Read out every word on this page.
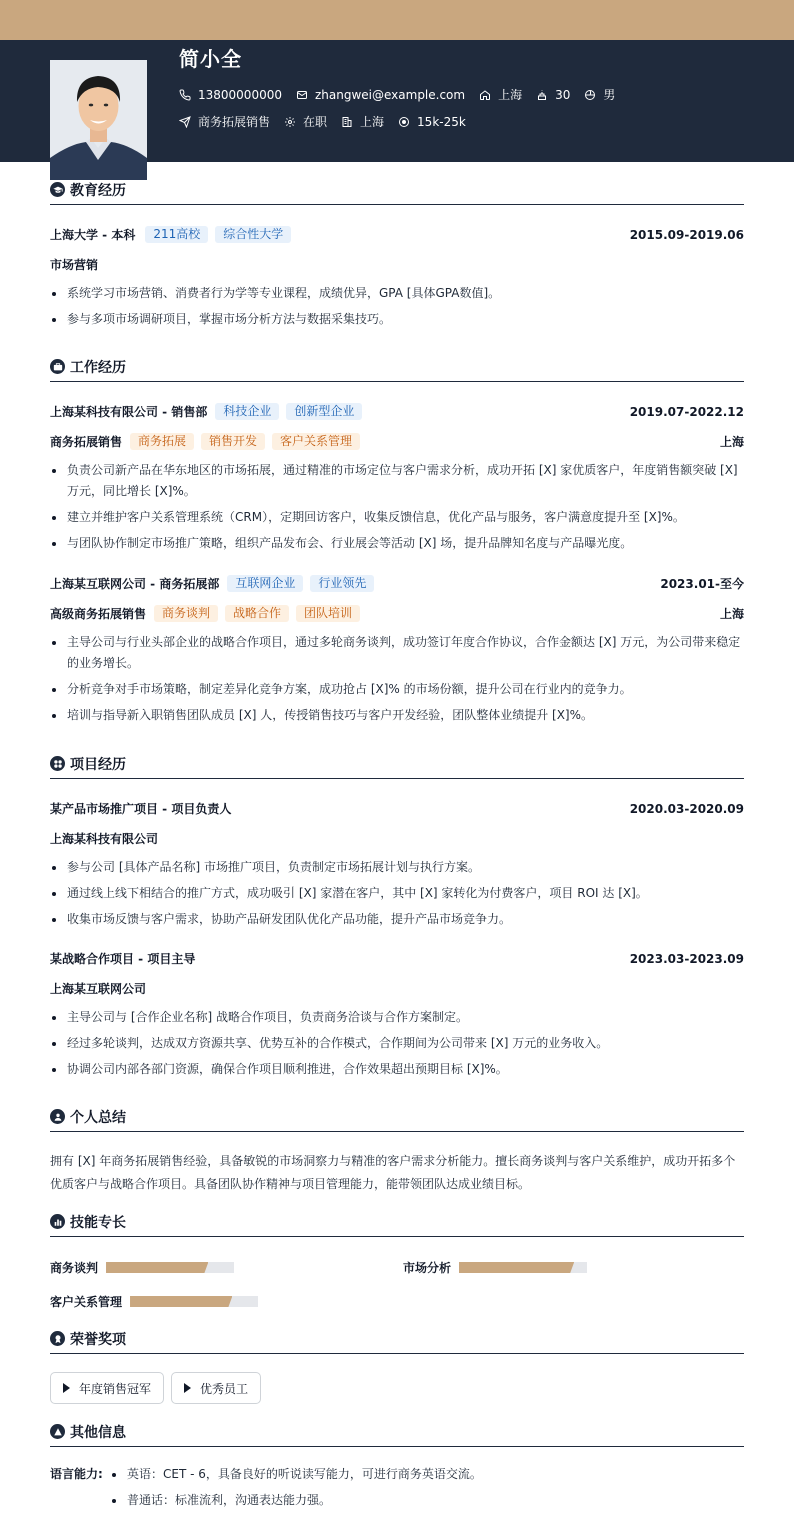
简小全
13800000000	zhangwei@example.com	上海	30	男
商务拓展销售	在职	上海	15k-25k
教育经历
上海大学 - 本科	211高校	综合性大学	2015.09-2019.06
市场营销
系统学习市场营销、消费者行为学等专业课程，成绩优异，GPA [具体GPA数值]。
参与多项市场调研项目，掌握市场分析方法与数据采集技巧。
工作经历
上海某科技有限公司 - 销售部	科技企业	创新型企业	2019.07-2022.12
商务拓展销售	商务拓展	销售开发	客户关系管理	上海
负责公司新产品在华东地区的市场拓展，通过精准的市场定位与客户需求分析，成功开拓 [X] 家优质客户，年度销售额突破 [X] 万元，同比增长 [X]%。
建立并维护客户关系管理系统（CRM），定期回访客户，收集反馈信息，优化产品与服务，客户满意度提升至 [X]%。
与团队协作制定市场推广策略，组织产品发布会、行业展会等活动 [X] 场，提升品牌知名度与产品曝光度。
上海某互联网公司 - 商务拓展部	互联网企业	行业领先	2023.01-至今
高级商务拓展销售	商务谈判	战略合作	团队培训	上海
主导公司与行业头部企业的战略合作项目，通过多轮商务谈判，成功签订年度合作协议，合作金额达 [X] 万元，为公司带来稳定的业务增长。
分析竞争对手市场策略，制定差异化竞争方案，成功抢占 [X]% 的市场份额，提升公司在行业内的竞争力。
培训与指导新入职销售团队成员 [X] 人，传授销售技巧与客户开发经验，团队整体业绩提升 [X]%。
项目经历
某产品市场推广项目 - 项目负责人	2020.03-2020.09
上海某科技有限公司
参与公司 [具体产品名称] 市场推广项目，负责制定市场拓展计划与执行方案。
通过线上线下相结合的推广方式，成功吸引 [X] 家潜在客户，其中 [X] 家转化为付费客户，项目 ROI 达 [X]。
收集市场反馈与客户需求，协助产品研发团队优化产品功能，提升产品市场竞争力。
某战略合作项目 - 项目主导	2023.03-2023.09
上海某互联网公司
主导公司与 [合作企业名称] 战略合作项目，负责商务洽谈与合作方案制定。
经过多轮谈判，达成双方资源共享、优势互补的合作模式，合作期间为公司带来 [X] 万元的业务收入。
协调公司内部各部门资源，确保合作项目顺利推进，合作效果超出预期目标 [X]%。
个人总结
拥有 [X] 年商务拓展销售经验，具备敏锐的市场洞察力与精准的客户需求分析能力。擅长商务谈判与客户关系维护，成功开拓多个优质客户与战略合作项目。具备团队协作精神与项目管理能力，能带领团队达成业绩目标。
技能专长
商务谈判	市场分析
客户关系管理
荣誉奖项
年度销售冠军	优秀员工
其他信息
语言能力:	英语：CET - 6，具备良好的听说读写能力，可进行商务英语交流。
普通话：标准流利，沟通表达能力强。
